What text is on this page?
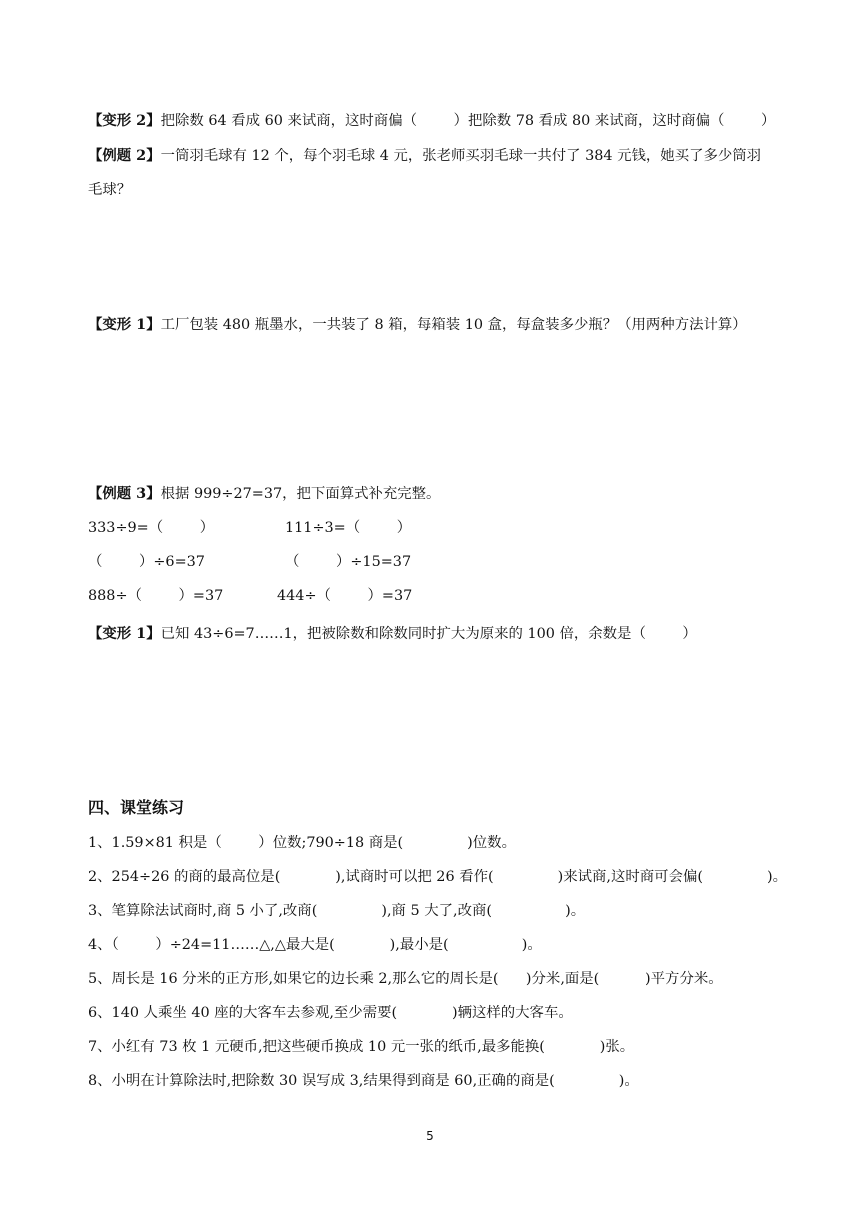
【变形 2】把除数 64 看成 60 来试商，这时商偏（        ）把除数 78 看成 80 来试商，这时商偏（        ）

【例题 2】一筒羽毛球有 12 个，每个羽毛球 4 元，张老师买羽毛球一共付了 384 元钱，她买了多少筒羽

毛球？

【变形 1】工厂包装 480 瓶墨水，一共装了 8 箱，每箱装 10 盒，每盒装多少瓶？（用两种方法计算）

【例题 3】根据 999÷27=37，把下面算式补充完整。

333÷9=（        ）	111÷3=（        ）

（        ）÷6=37	（        ）÷15=37

888÷（        ）=37	444÷（        ）=37

【变形 1】已知 43÷6=7……1，把被除数和除数同时扩大为原来的 100 倍，余数是（        ）

四、课堂练习

1、1.59×81 积是（        ）位数;790÷18 商是(              )位数。

2、254÷26 的商的最高位是(            ),试商时可以把 26 看作(              )来试商,这时商可会偏(              )。

3、笔算除法试商时,商 5 小了,改商(              ),商 5 大了,改商(                )。

4、（        ）÷24=11……△,△最大是(            ),最小是(                )。

5、周长是 16 分米的正方形,如果它的边长乘 2,那么它的周长是(      )分米,面是(          )平方分米。

6、140 人乘坐 40 座的大客车去参观,至少需要(            )辆这样的大客车。

7、小红有 73 枚 1 元硬币,把这些硬币换成 10 元一张的纸币,最多能换(            )张。

8、小明在计算除法时,把除数 30 误写成 3,结果得到商是 60,正确的商是(              )。

5
